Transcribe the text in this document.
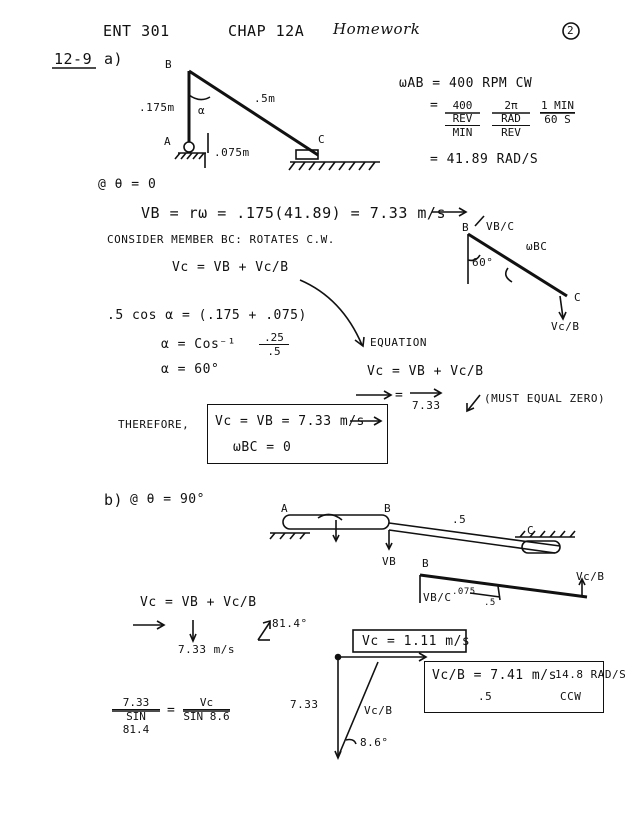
ENT 301	CHAP 12A Homework	2
12-9 a)	B
A	C
α
.175m
.5m
.075m
ωAB = 400 RPM CW
=	400 REV
MIN
2π RAD
REV
1 MIN
60 S
= 41.89 RAD/S
@ θ = 0
VB = rω = .175(41.89) = 7.33 m/s
CONSIDER MEMBER BC: ROTATES C.W.
Vc = VB + Vc/B
B VB/C
ωBC
60°
C
Vc/B
.5 cos α = (.175 + .075)
$\alpha = Cos^{-1} \frac{.25}{.5}$
α = 60°
EQUATION
Vc = VB + Vc/B
=
7.33
(MUST EQUAL ZERO)
THEREFORE, Vc = VB = 7.33 m/s
ωBC = 0
b) @ θ = 90°
A	B
.5
C
VB B
VB/C .075
.5
Vc/B
Vc = VB + Vc/B
7.33 m/s
81.4°
Vc = 1.11 m/s
Vc/B = 7.41 m/s
.5
14.8 RAD/S
CCW
7.33
SIN 81.4
=
Vc
SIN 8.6
7.33	Vc/B
8.6°
